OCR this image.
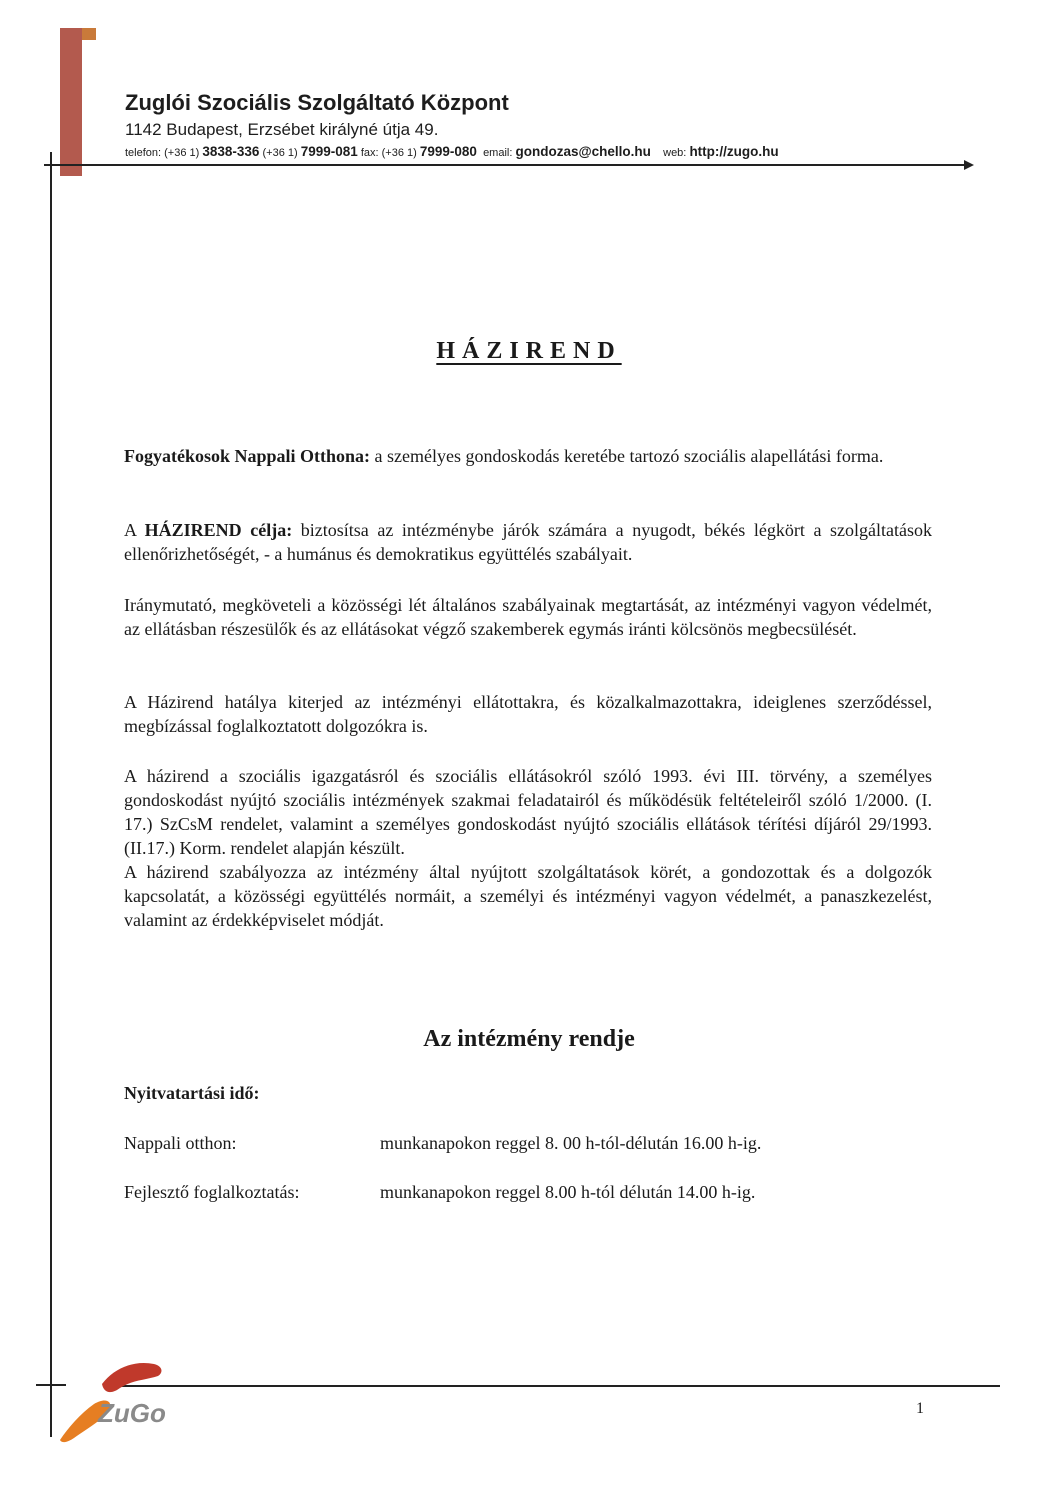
Zuglói Szociális Szolgáltató Központ
1142 Budapest, Erzsébet királyné útja 49.
telefon: (+36 1) 3838-336 (+36 1) 7999-081 fax: (+36 1) 7999-080 email: gondozas@chello.hu web: http://zugo.hu
HÁZIREND
Fogyatékosok Nappali Otthona: a személyes gondoskodás keretébe tartozó szociális alapellátási forma.
A HÁZIREND célja: biztosítsa az intézménybe járók számára a nyugodt, békés légkört a szolgáltatások ellenőrizhetőségét, - a humánus és demokratikus együttélés szabályait.
Iránymutató, megköveteli a közösségi lét általános szabályainak megtartását, az intézményi vagyon védelmét, az ellátásban részesülők és az ellátásokat végző szakemberek egymás iránti kölcsönös megbecsülését.
A Házirend hatálya kiterjed az intézményi ellátottakra, és közalkalmazottakra, ideiglenes szerződéssel, megbízással foglalkoztatott dolgozókra is.
A házirend a szociális igazgatásról és szociális ellátásokról szóló 1993. évi III. törvény, a személyes gondoskodást nyújtó szociális intézmények szakmai feladatairól és működésük feltételeiről szóló 1/2000. (I. 17.) SzCsM rendelet, valamint a személyes gondoskodást nyújtó szociális ellátások térítési díjáról 29/1993. (II.17.) Korm. rendelet alapján készült.
A házirend szabályozza az intézmény által nyújtott szolgáltatások körét, a gondozottak és a dolgozók kapcsolatát, a közösségi együttélés normáit, a személyi és intézményi vagyon védelmét, a panaszkezelést, valamint az érdekképviselet módját.
Az intézmény rendje
Nyitvatartási idő:
Nappali otthon:	munkanapokon reggel 8. 00 h-tól-délután 16.00 h-ig.
Fejlesztő foglalkoztatás:	munkanapokon reggel 8.00 h-tól délután 14.00 h-ig.
ZuGo	1
